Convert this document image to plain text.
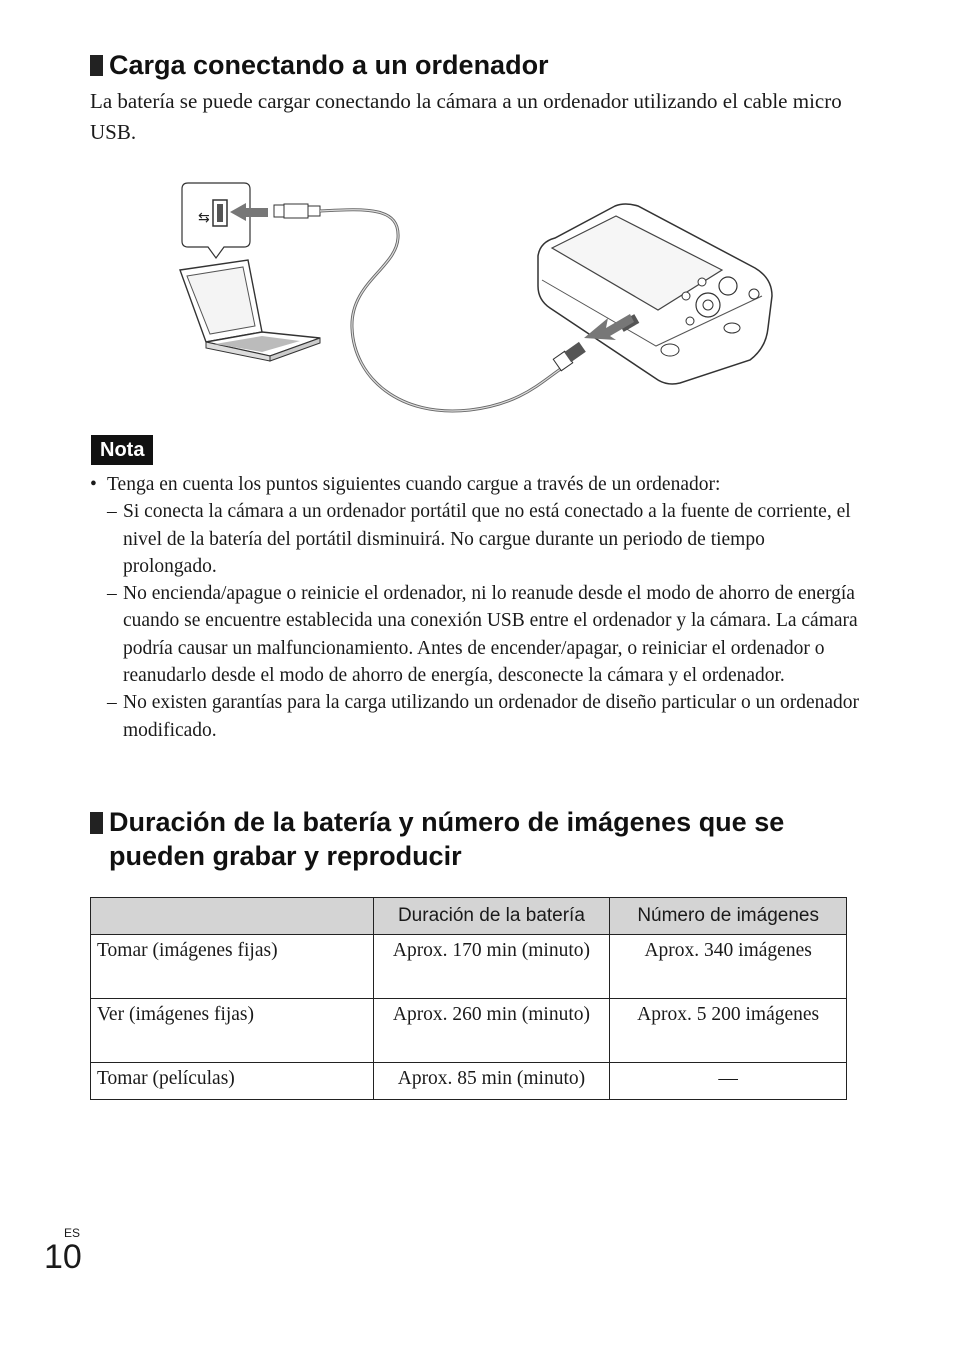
Carga conectando a un ordenador

La batería se puede cargar conectando la cámara a un ordenador utilizando el cable micro USB.

⇆
Nota
• Tenga en cuenta los puntos siguientes cuando cargue a través de un ordenador:
– Si conecta la cámara a un ordenador portátil que no está conectado a la fuente de corriente, el nivel de la batería del portátil disminuirá. No cargue durante un periodo de tiempo prolongado.
– No encienda/apague o reinicie el ordenador, ni lo reanude desde el modo de ahorro de energía cuando se encuentre establecida una conexión USB entre el ordenador y la cámara. La cámara podría causar un malfuncionamiento. Antes de encender/apagar, o reiniciar el ordenador o reanudarlo desde el modo de ahorro de energía, desconecte la cámara y el ordenador.
– No existen garantías para la carga utilizando un ordenador de diseño particular o un ordenador modificado.
Duración de la batería y número de imágenes que se pueden grabar y reproducir
	Duración de la batería	Número de imágenes
Tomar (imágenes fijas)	Aprox. 170 min (minuto)	Aprox. 340 imágenes
Ver (imágenes fijas)	Aprox. 260 min (minuto)	Aprox. 5 200 imágenes
Tomar (películas)	Aprox. 85 min (minuto)	—
ES
10
